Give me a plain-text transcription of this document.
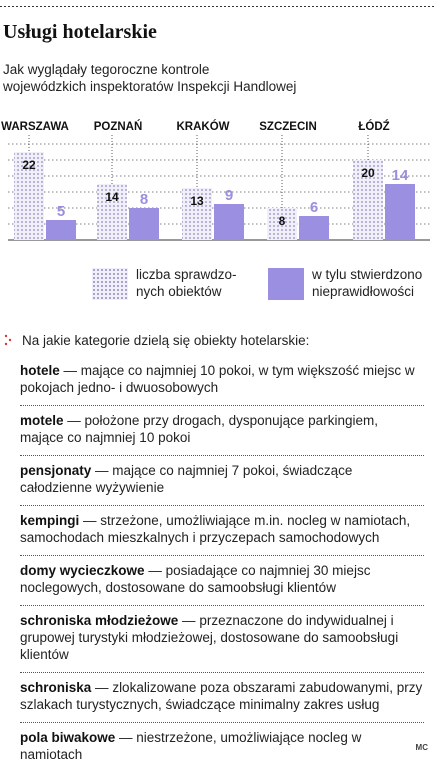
Usługi hotelarskie
Jak wyglądały tegoroczne kontrole
wojewódzkich inspektoratów Inspekcji Handlowej
22
5
14 8	13 9
8
6
20 14
WARSZAWA POZNAŃ	KRAKÓW	SZCZECIN	ŁÓDŹ
liczba sprawdzo-
nych obiektów
w tylu stwierdzono
nieprawidłowości
Na jakie kategorie dzielą się obiekty hotelarskie:
hotele — mające co najmniej 10 pokoi, w tym większość miejsc w pokojach jedno- i dwuosobowych
motele — położone przy drogach, dysponujące parkingiem, mające co najmniej 10 pokoi
pensjonaty — mające co najmniej 7 pokoi, świadczące całodzienne wyżywienie
kempingi — strzeżone, umożliwiające m.in. nocleg w namiotach, samochodach mieszkalnych i przyczepach samochodowych
domy wycieczkowe — posiadające co najmniej 30 miejsc noclegowych, dostosowane do samoobsługi klientów
schroniska młodzieżowe — przeznaczone do indywidualnej i grupowej turystyki młodzieżowej, dostosowane do samoobsługi klientów
schroniska — zlokalizowane poza obszarami zabudowanymi, przy szlakach turystycznych, świadczące minimalny zakres usług
pola biwakowe — niestrzeżone, umożliwiające nocleg w namiotach	MC
